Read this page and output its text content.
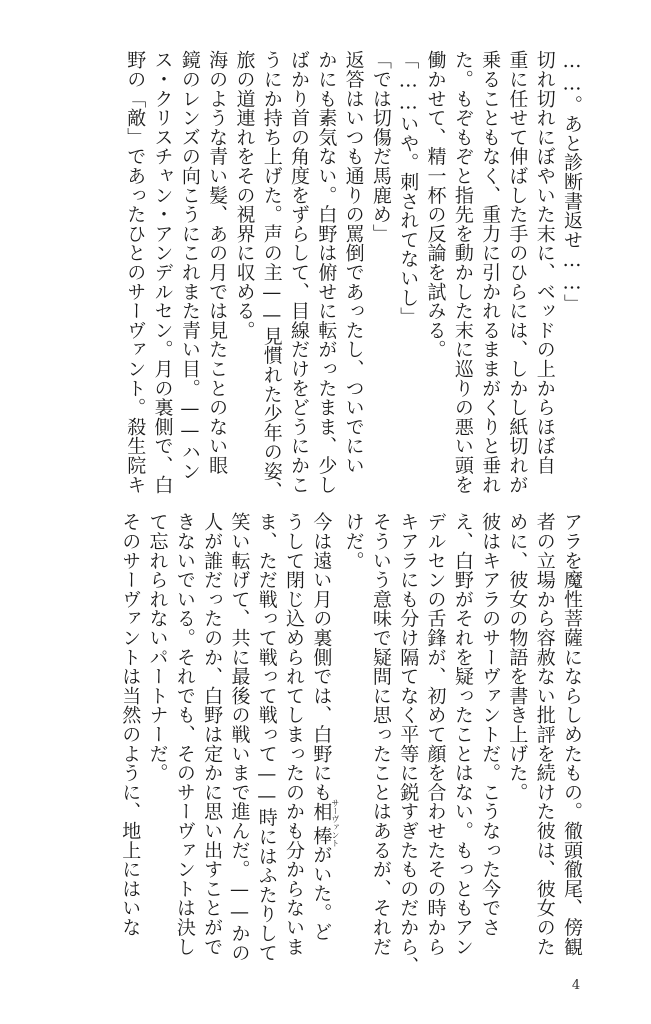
……。あと診断書返せ……」

切れ切れにぼやいた末に、ベッドの上からほぼ自

重に任せて伸ばした手のひらには、しかし紙切れが

乗ることもなく、重力に引かれるままがくりと垂れ

た。もぞもぞと指先を動かした末に巡りの悪い頭を

働かせて、精一杯の反論を試みる。

「……いや。刺されてないし」

「では切傷だ馬鹿め」

返答はいつも通りの罵倒であったし、ついでにい

かにも素気ない。白野は俯せに転がったまま、少し

ばかり首の角度をずらして、目線だけをどうにかこ

うにか持ち上げた。声の主——見慣れた少年の姿、

旅の道連れをその視界に収める。

海のような青い髪、あの月では見たことのない眼

鏡のレンズの向こうにこれまた青い目。——ハン

ス・クリスチャン・アンデルセン。月の裏側で、白

野の「敵」であったひとのサーヴァント。殺生院キ

アラを魔性菩薩にならしめたもの。徹頭徹尾、傍観

者の立場から容赦ない批評を続けた彼は、彼女のた

めに、彼女の物語を書き上げた。

彼はキアラのサーヴァントだ。こうなった今でさ

え、白野がそれを疑ったことはない。もっともアン

デルセンの舌鋒が、初めて顔を合わせたその時から

キアラにも分け隔てなく平等に鋭すぎたものだから、

そういう意味で疑問に思ったことはあるが、それだ

けだ。

今は遠い月の裏側では、白野にも相棒サーヴァントがいた。ど

うして閉じ込められてしまったのかも分からないま

ま、ただ戦って戦って戦って——時にはふたりして

笑い転げて、共に最後の戦いまで進んだ。——かの

人が誰だったのか、白野は定かに思い出すことがで

きないでいる。それでも、そのサーヴァントは決し

て忘れられないパートナーだ。

そのサーヴァントは当然のように、地上にはいな

4
